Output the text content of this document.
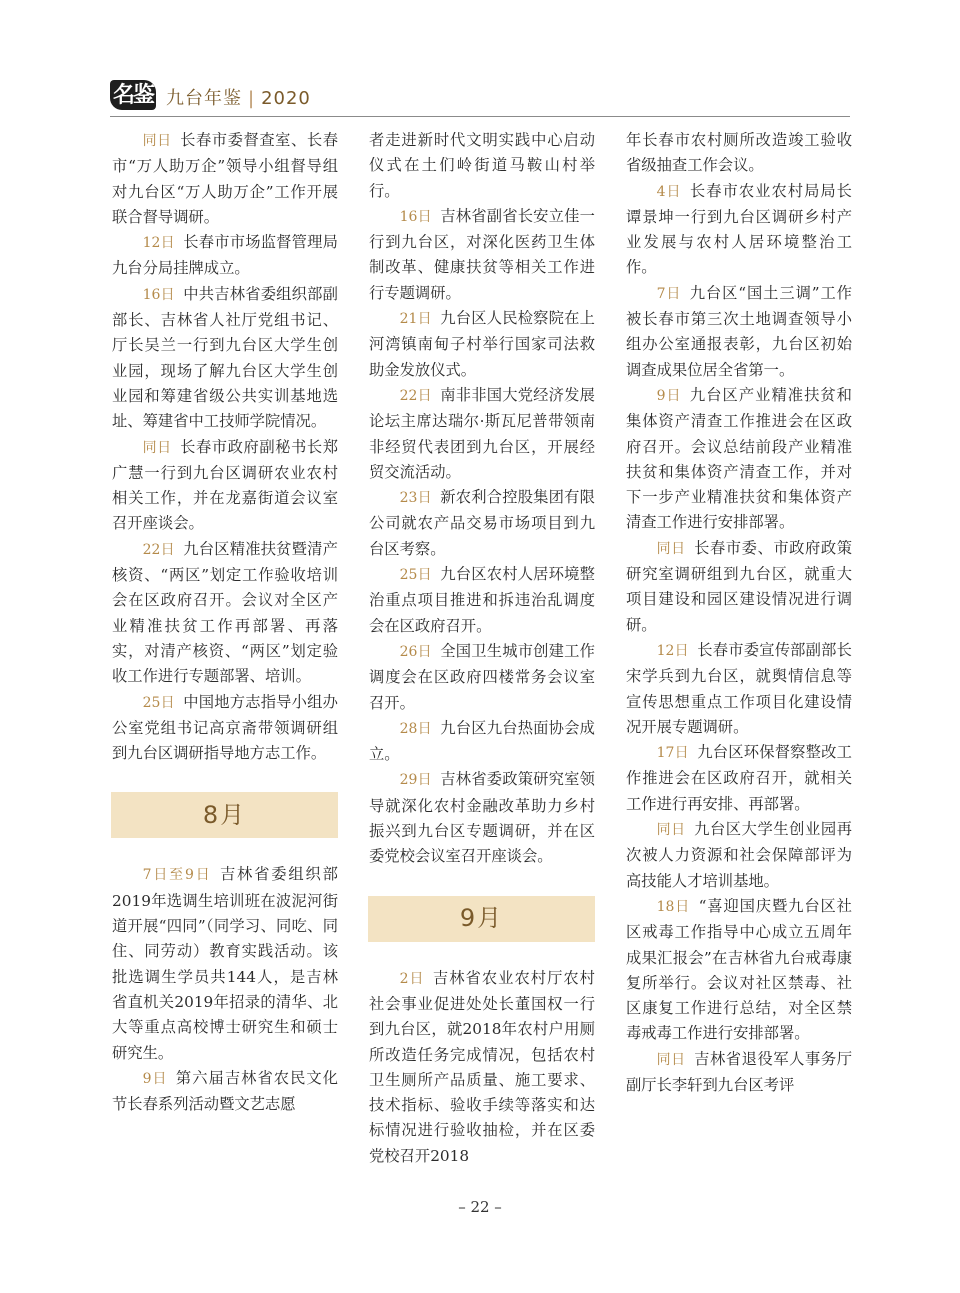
名鉴 九台年鉴 | 2020

同日 长春市委督查室、长春市“万人助万企”领导小组督导组对九台区“万人助万企”工作开展联合督导调研。

12日 长春市市场监督管理局九台分局挂牌成立。

16日 中共吉林省委组织部副部长、吉林省人社厅党组书记、厅长吴兰一行到九台区大学生创业园，现场了解九台区大学生创业园和筹建省级公共实训基地选址、筹建省中工技师学院情况。

同日 长春市政府副秘书长郑广慧一行到九台区调研农业农村相关工作，并在龙嘉街道会议室召开座谈会。

22日 九台区精准扶贫暨清产核资、“两区”划定工作验收培训会在区政府召开。会议对全区产业精准扶贫工作再部署、再落实，对清产核资、“两区”划定验收工作进行专题部署、培训。

25日 中国地方志指导小组办公室党组书记高京斋带领调研组到九台区调研指导地方志工作。

8月

7日至9日 吉林省委组织部2019年选调生培训班在波泥河街道开展“四同”（同学习、同吃、同住、同劳动）教育实践活动。该批选调生学员共144人，是吉林省直机关2019年招录的清华、北大等重点高校博士研究生和硕士研究生。

9日 第六届吉林省农民文化节长春系列活动暨文艺志愿

者走进新时代文明实践中心启动仪式在土们岭街道马鞍山村举行。

16日 吉林省副省长安立佳一行到九台区，对深化医药卫生体制改革、健康扶贫等相关工作进行专题调研。

21日 九台区人民检察院在上河湾镇南甸子村举行国家司法救助金发放仪式。

22日 南非非国大党经济发展论坛主席达瑞尔·斯瓦尼普带领南非经贸代表团到九台区，开展经贸交流活动。

23日 新农利合控股集团有限公司就农产品交易市场项目到九台区考察。

25日 九台区农村人居环境整治重点项目推进和拆违治乱调度会在区政府召开。

26日 全国卫生城市创建工作调度会在区政府四楼常务会议室召开。

28日 九台区九台热面协会成立。

29日 吉林省委政策研究室领导就深化农村金融改革助力乡村振兴到九台区专题调研，并在区委党校会议室召开座谈会。

9月

2日 吉林省农业农村厅农村社会事业促进处处长董国权一行到九台区，就2018年农村户用厕所改造任务完成情况，包括农村卫生厕所产品质量、施工要求、技术指标、验收手续等落实和达标情况进行验收抽检，并在区委党校召开2018

年长春市农村厕所改造竣工验收省级抽查工作会议。

4日 长春市农业农村局局长谭景坤一行到九台区调研乡村产业发展与农村人居环境整治工作。

7日 九台区“国土三调”工作被长春市第三次土地调查领导小组办公室通报表彰，九台区初始调查成果位居全省第一。

9日 九台区产业精准扶贫和集体资产清查工作推进会在区政府召开。会议总结前段产业精准扶贫和集体资产清查工作，并对下一步产业精准扶贫和集体资产清查工作进行安排部署。

同日 长春市委、市政府政策研究室调研组到九台区，就重大项目建设和园区建设情况进行调研。

12日 长春市委宣传部副部长宋学兵到九台区，就舆情信息等宣传思想重点工作项目化建设情况开展专题调研。

17日 九台区环保督察整改工作推进会在区政府召开，就相关工作进行再安排、再部署。

同日 九台区大学生创业园再次被人力资源和社会保障部评为高技能人才培训基地。

18日 “喜迎国庆暨九台区社区戒毒工作指导中心成立五周年成果汇报会”在吉林省九台戒毒康复所举行。会议对社区禁毒、社区康复工作进行总结，对全区禁毒戒毒工作进行安排部署。

同日 吉林省退役军人事务厅副厅长李轩到九台区考评

– 22 –
